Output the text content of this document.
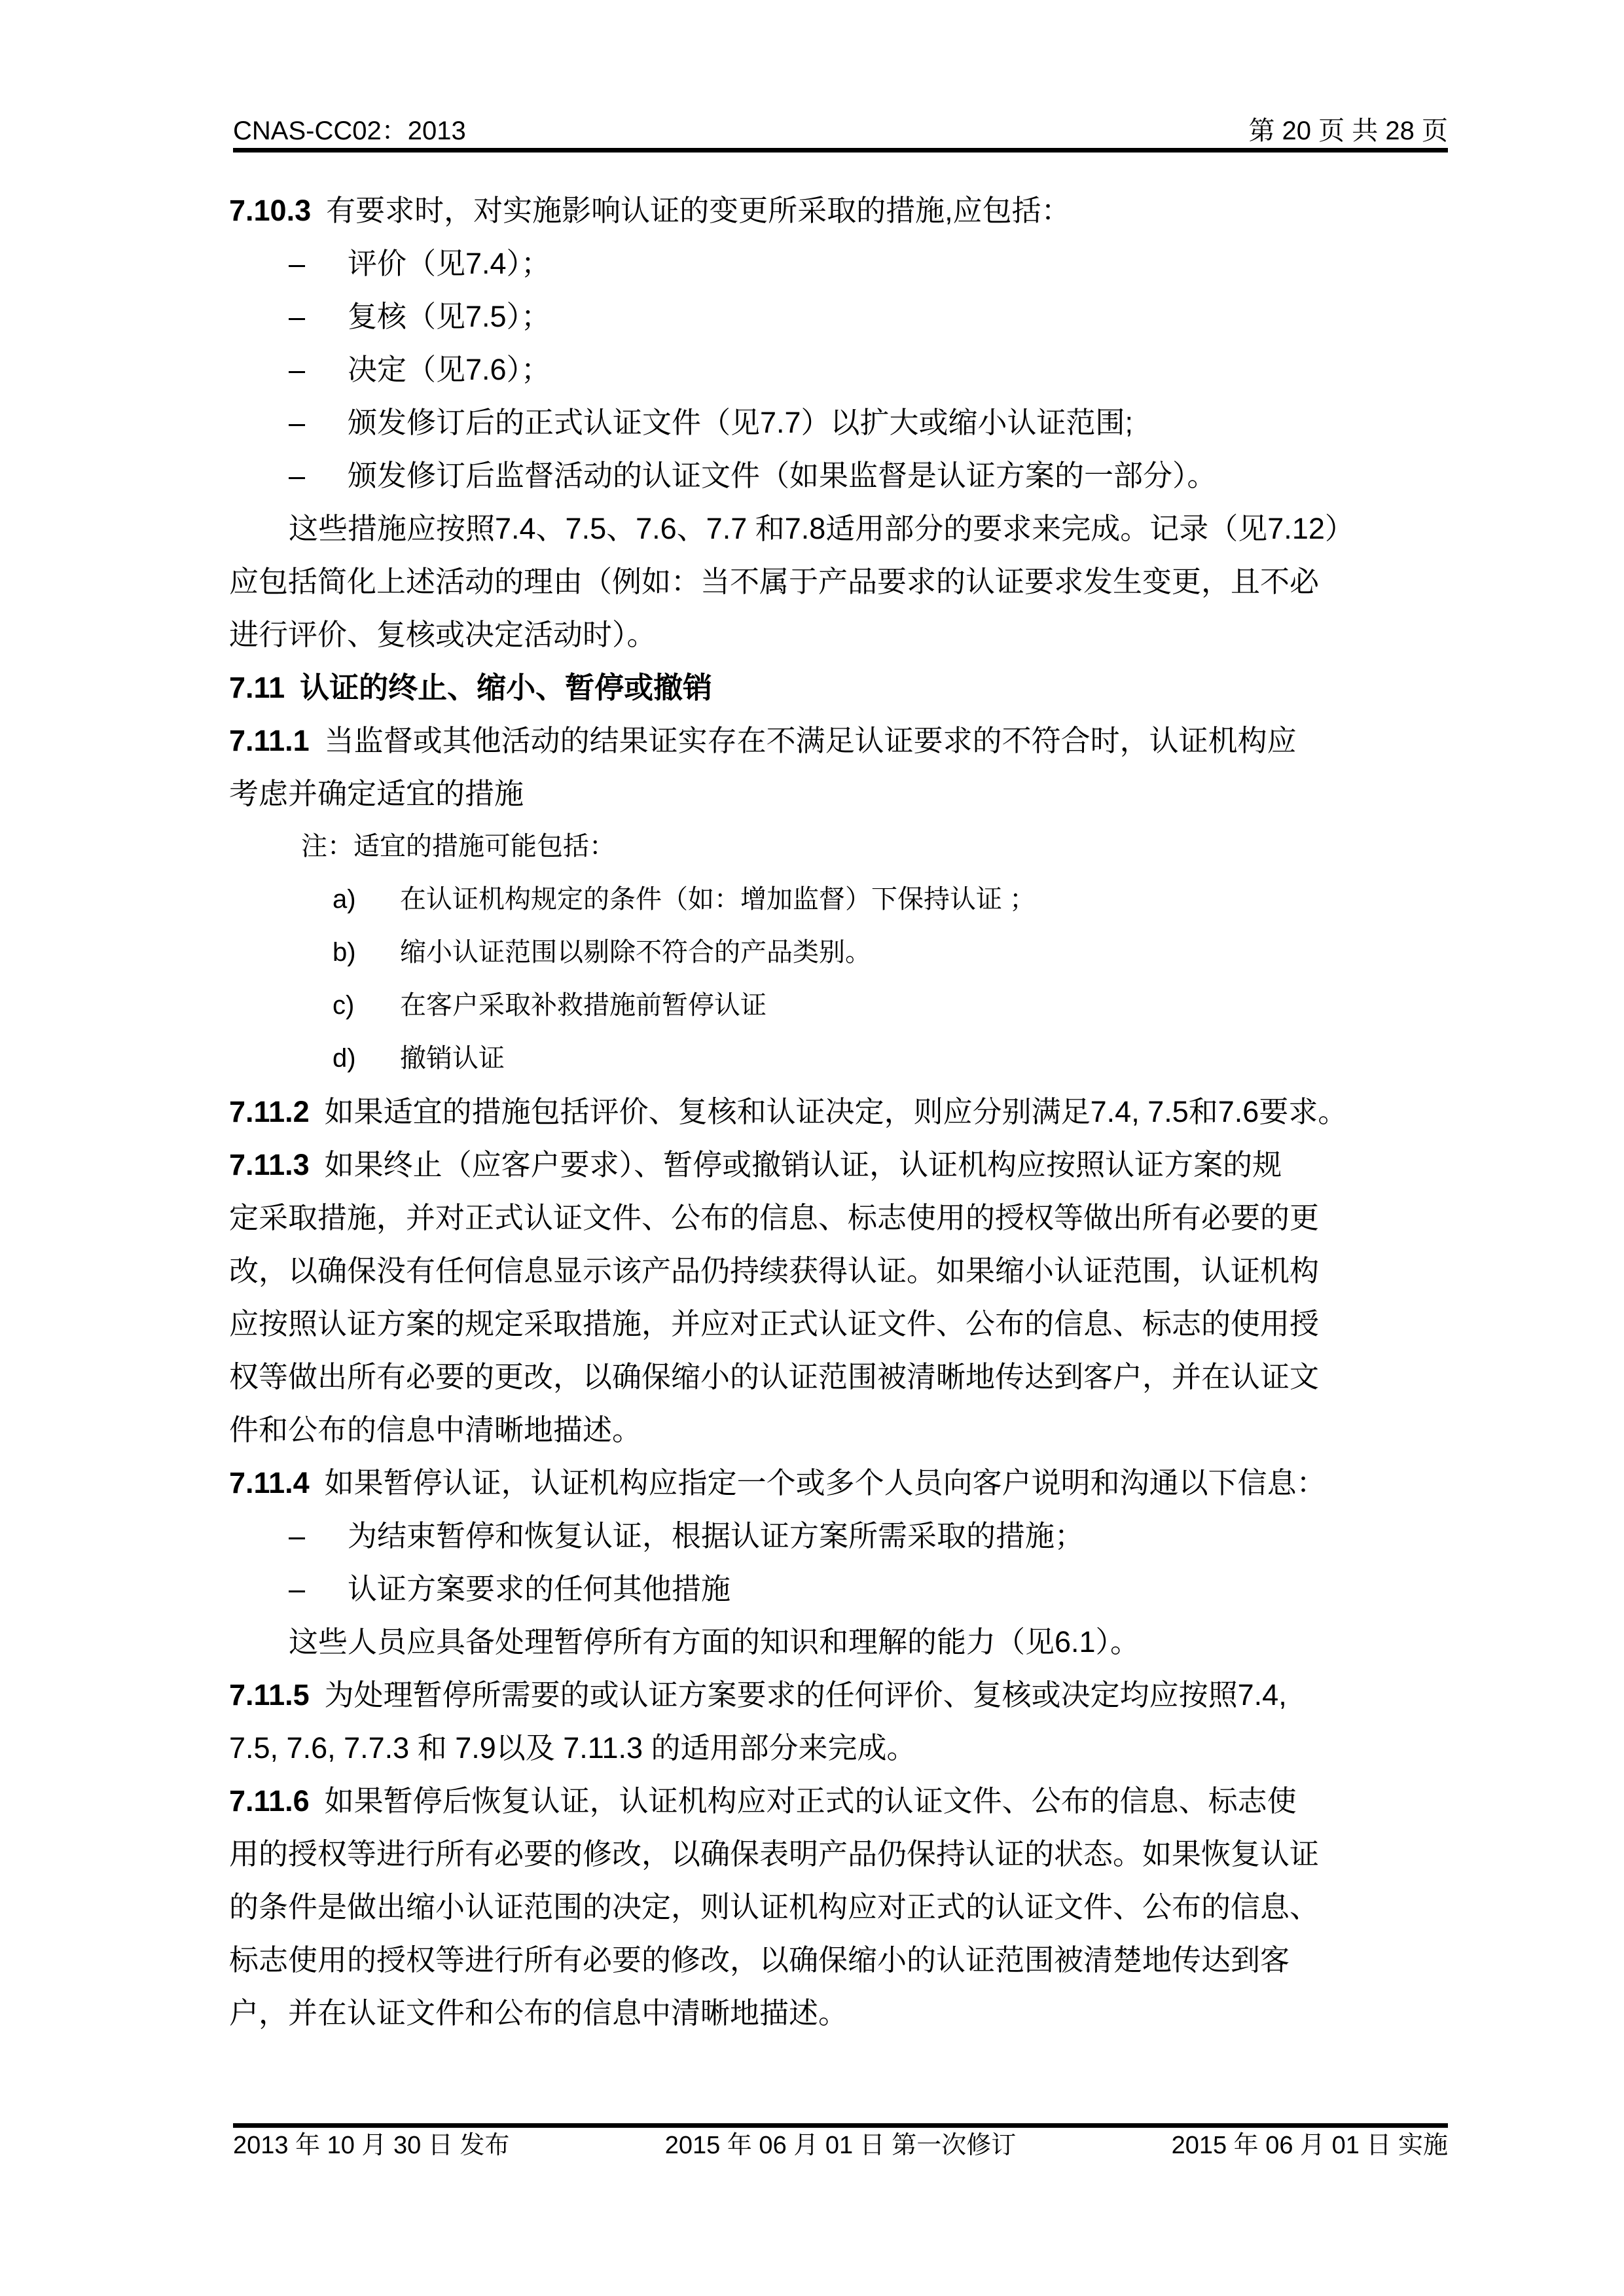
CNAS-CC02：2013	第 20 页 共 28 页
7.10.3 有要求时，对实施影响认证的变更所采取的措施,应包括：
– 评价（见7.4）；
– 复核（见7.5）；
– 决定（见7.6）；
– 颁发修订后的正式认证文件（见7.7）以扩大或缩小认证范围;
– 颁发修订后监督活动的认证文件（如果监督是认证方案的一部分）。
这些措施应按照7.4、7.5、7.6、7.7 和7.8适用部分的要求来完成。记录（见7.12）
应包括简化上述活动的理由（例如：当不属于产品要求的认证要求发生变更，且不必
进行评价、复核或决定活动时）。
7.11 认证的终止、缩小、暂停或撤销
7.11.1 当监督或其他活动的结果证实存在不满足认证要求的不符合时，认证机构应
考虑并确定适宜的措施
注：适宜的措施可能包括：
a) 在认证机构规定的条件（如：增加监督）下保持认证 ；
b) 缩小认证范围以剔除不符合的产品类别。
c) 在客户采取补救措施前暂停认证
d) 撤销认证
7.11.2 如果适宜的措施包括评价、复核和认证决定，则应分别满足7.4, 7.5和7.6要求。
7.11.3 如果终止（应客户要求）、暂停或撤销认证，认证机构应按照认证方案的规
定采取措施，并对正式认证文件、公布的信息、标志使用的授权等做出所有必要的更
改，以确保没有任何信息显示该产品仍持续获得认证。如果缩小认证范围，认证机构
应按照认证方案的规定采取措施，并应对正式认证文件、公布的信息、标志的使用授
权等做出所有必要的更改，以确保缩小的认证范围被清晰地传达到客户，并在认证文
件和公布的信息中清晰地描述。
7.11.4 如果暂停认证，认证机构应指定一个或多个人员向客户说明和沟通以下信息：
– 为结束暂停和恢复认证，根据认证方案所需采取的措施；
– 认证方案要求的任何其他措施
这些人员应具备处理暂停所有方面的知识和理解的能力（见6.1）。
7.11.5 为处理暂停所需要的或认证方案要求的任何评价、复核或决定均应按照7.4,
7.5, 7.6, 7.7.3 和 7.9以及 7.11.3 的适用部分来完成。
7.11.6 如果暂停后恢复认证，认证机构应对正式的认证文件、公布的信息、标志使
用的授权等进行所有必要的修改，以确保表明产品仍保持认证的状态。如果恢复认证
的条件是做出缩小认证范围的决定，则认证机构应对正式的认证文件、公布的信息、
标志使用的授权等进行所有必要的修改，以确保缩小的认证范围被清楚地传达到客
户，并在认证文件和公布的信息中清晰地描述。
2013 年 10 月 30 日 发布	2015 年 06 月 01 日 第一次修订	2015 年 06 月 01 日 实施
